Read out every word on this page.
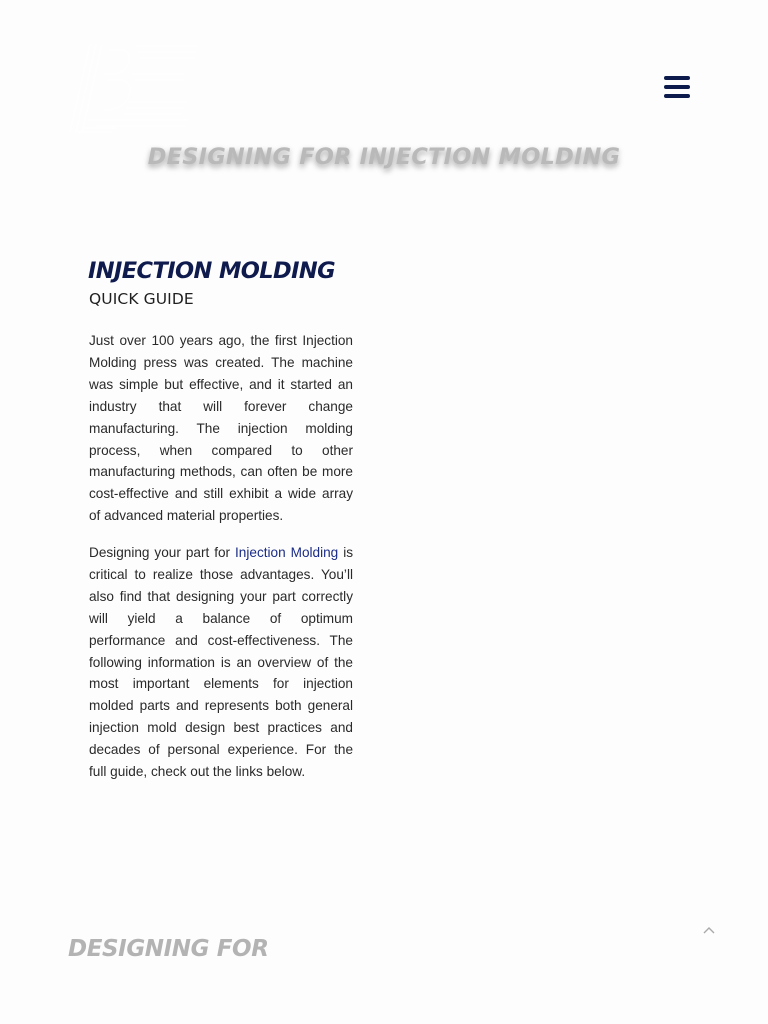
DESIGNING FOR INJECTION MOLDING
INJECTION MOLDING
QUICK GUIDE

Just over 100 years ago, the first Injection Molding press was created. The machine was simple but effective, and it started an industry that will forever change manufacturing. The injection molding process, when compared to other manufacturing methods, can often be more cost-effective and still exhibit a wide array of advanced material properties.

Designing your part for Injection Molding is critical to realize those advantages. You’ll also find that designing your part correctly will yield a balance of optimum performance and cost-effectiveness. The following information is an overview of the most important elements for injection molded parts and represents both general injection mold design best practices and decades of personal experience. For the full guide, check out the links below.

DESIGNING FOR
